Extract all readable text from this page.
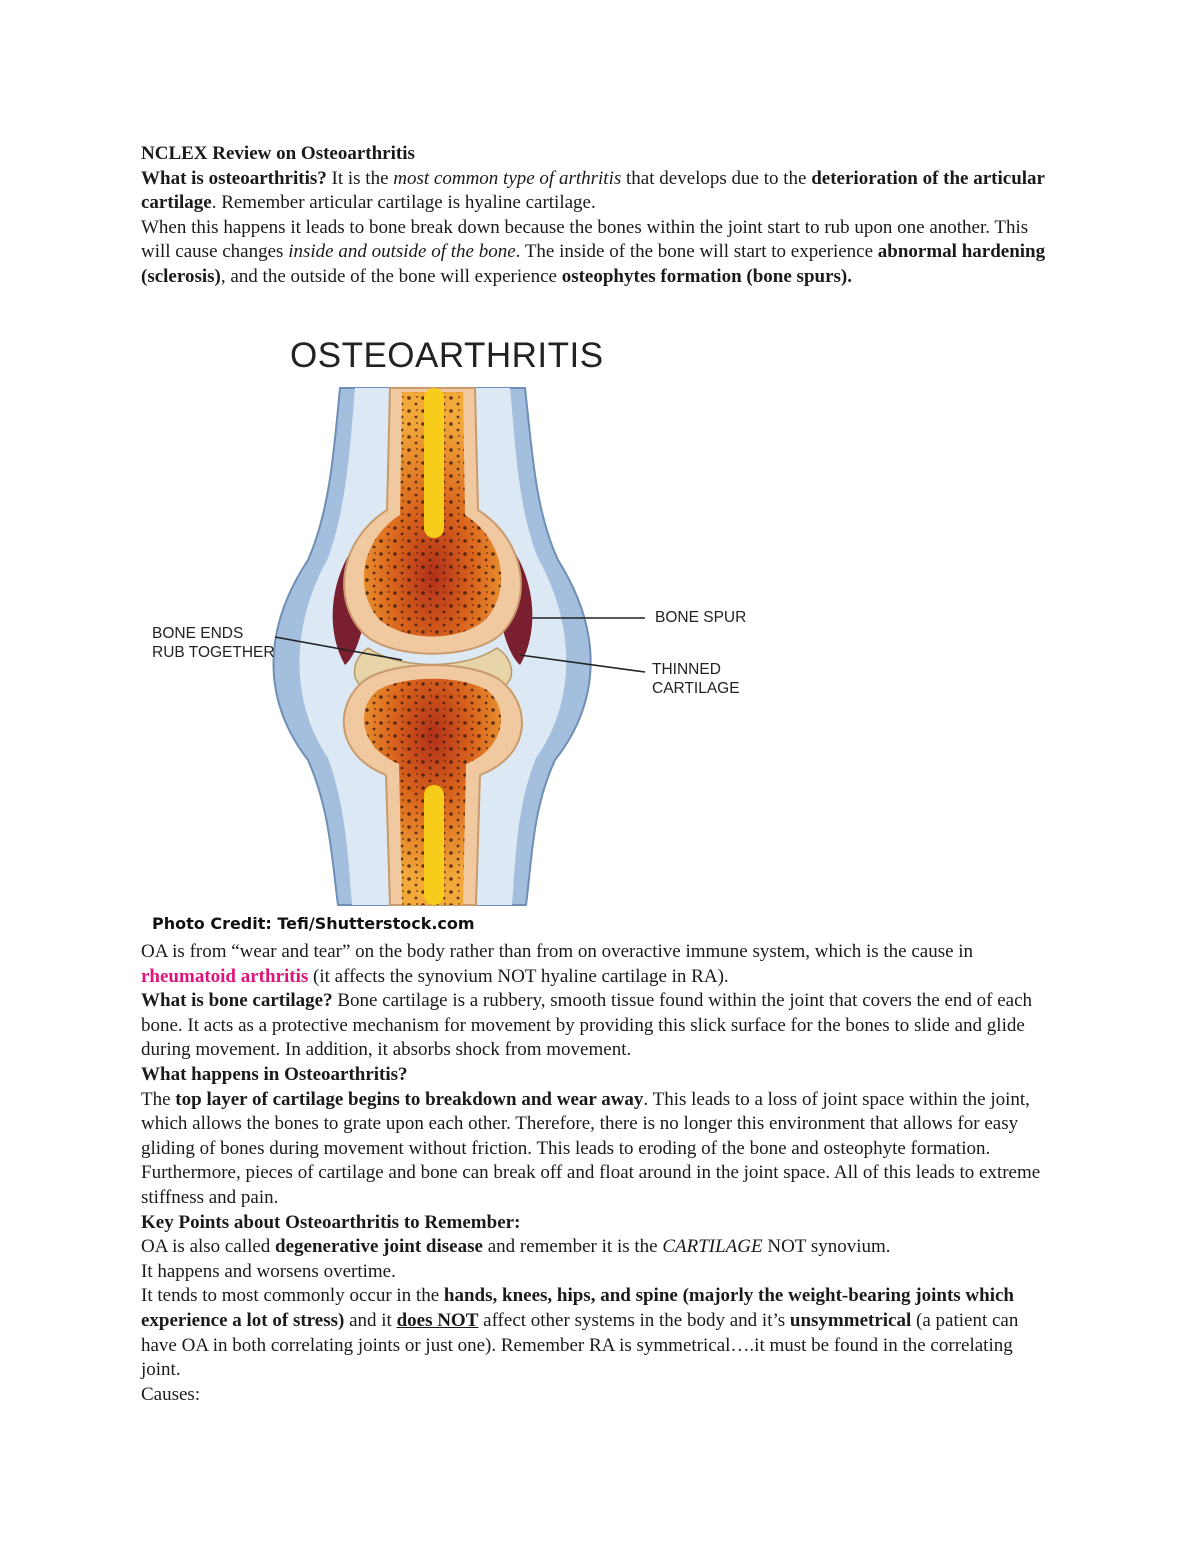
NCLEX Review on Osteoarthritis

What is osteoarthritis? It is the most common type of arthritis that develops due to the deterioration of the articular cartilage. Remember articular cartilage is hyaline cartilage.

When this happens it leads to bone break down because the bones within the joint start to rub upon one another. This will cause changes inside and outside of the bone. The inside of the bone will start to experience abnormal hardening (sclerosis), and the outside of the bone will experience osteophytes formation (bone spurs).

OSTEOARTHRITIS
BONE ENDS
RUB TOGETHER
BONE SPUR
THINNED
CARTILAGE
Photo Credit: Tefi/Shutterstock.com

OA is from “wear and tear” on the body rather than from on overactive immune system, which is the cause in rheumatoid arthritis (it affects the synovium NOT hyaline cartilage in RA).

What is bone cartilage? Bone cartilage is a rubbery, smooth tissue found within the joint that covers the end of each bone. It acts as a protective mechanism for movement by providing this slick surface for the bones to slide and glide during movement. In addition, it absorbs shock from movement.

What happens in Osteoarthritis?

The top layer of cartilage begins to breakdown and wear away. This leads to a loss of joint space within the joint, which allows the bones to grate upon each other. Therefore, there is no longer this environment that allows for easy gliding of bones during movement without friction. This leads to eroding of the bone and osteophyte formation. Furthermore, pieces of cartilage and bone can break off and float around in the joint space. All of this leads to extreme stiffness and pain.

Key Points about Osteoarthritis to Remember:

OA is also called degenerative joint disease and remember it is the CARTILAGE NOT synovium.

It happens and worsens overtime.

It tends to most commonly occur in the hands, knees, hips, and spine (majorly the weight-bearing joints which experience a lot of stress) and it does NOT affect other systems in the body and it’s unsymmetrical (a patient can have OA in both correlating joints or just one). Remember RA is symmetrical….it must be found in the correlating joint.

Causes:
